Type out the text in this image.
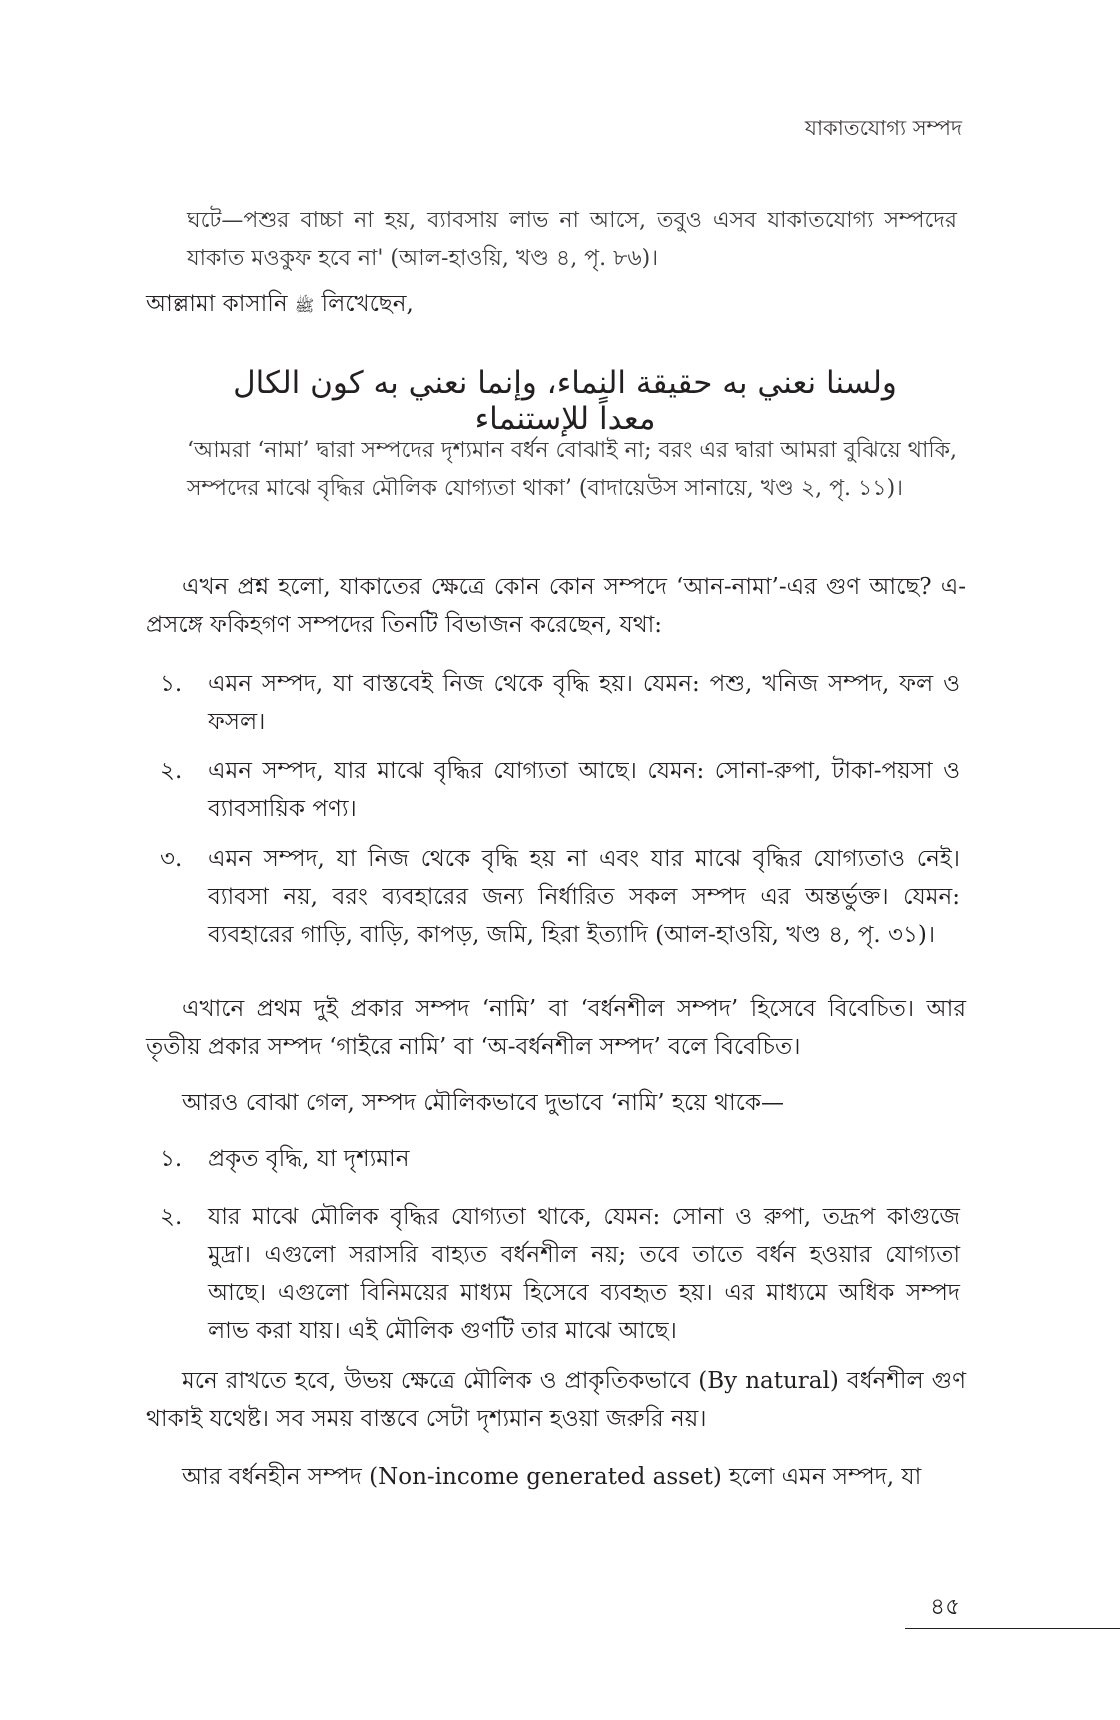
যাকাতযোগ্য সম্পদ

ঘটে—পশুর বাচ্চা না হয়, ব্যাবসায় লাভ না আসে, তবুও এসব যাকাতযোগ্য সম্পদের যাকাত মওকুফ হবে না' (আল-হাওয়ি, খণ্ড ৪, পৃ. ৮৬)।

আল্লামা কাসানি ﷺ লিখেছেন,

ولسنا نعني به حقيقة النماء، وإنما نعني به كون الكال معداً للإستنماء

‘আমরা ‘নামা’ দ্বারা সম্পদের দৃশ্যমান বর্ধন বোঝাই না; বরং এর দ্বারা আমরা বুঝিয়ে থাকি, সম্পদের মাঝে বৃদ্ধির মৌলিক যোগ্যতা থাকা’ (বাদায়েউস সানায়ে, খণ্ড ২, পৃ. ১১)।

এখন প্রশ্ন হলো, যাকাতের ক্ষেত্রে কোন কোন সম্পদে ‘আন-নামা’-এর গুণ আছে? এ-প্রসঙ্গে ফকিহগণ সম্পদের তিনটি বিভাজন করেছেন, যথা:

১.	এমন সম্পদ, যা বাস্তবেই নিজ থেকে বৃদ্ধি হয়। যেমন: পশু, খনিজ সম্পদ, ফল ও ফসল।
২.	এমন সম্পদ, যার মাঝে বৃদ্ধির যোগ্যতা আছে। যেমন: সোনা-রুপা, টাকা-পয়সা ও ব্যাবসায়িক পণ্য।
৩.	এমন সম্পদ, যা নিজ থেকে বৃদ্ধি হয় না এবং যার মাঝে বৃদ্ধির যোগ্যতাও নেই। ব্যাবসা নয়, বরং ব্যবহারের জন্য নির্ধারিত সকল সম্পদ এর অন্তর্ভুক্ত। যেমন: ব্যবহারের গাড়ি, বাড়ি, কাপড়, জমি, হিরা ইত্যাদি (আল-হাওয়ি, খণ্ড ৪, পৃ. ৩১)।

এখানে প্রথম দুই প্রকার সম্পদ ‘নামি’ বা ‘বর্ধনশীল সম্পদ’ হিসেবে বিবেচিত। আর তৃতীয় প্রকার সম্পদ ‘গাইরে নামি’ বা ‘অ-বর্ধনশীল সম্পদ’ বলে বিবেচিত।

আরও বোঝা গেল, সম্পদ মৌলিকভাবে দুভাবে ‘নামি’ হয়ে থাকে—

১.	প্রকৃত বৃদ্ধি, যা দৃশ্যমান
২.	যার মাঝে মৌলিক বৃদ্ধির যোগ্যতা থাকে, যেমন: সোনা ও রুপা, তদ্রূপ কাগুজে মুদ্রা। এগুলো সরাসরি বাহ্যত বর্ধনশীল নয়; তবে তাতে বর্ধন হওয়ার যোগ্যতা আছে। এগুলো বিনিময়ের মাধ্যম হিসেবে ব্যবহৃত হয়। এর মাধ্যমে অধিক সম্পদ লাভ করা যায়। এই মৌলিক গুণটি তার মাঝে আছে।

মনে রাখতে হবে, উভয় ক্ষেত্রে মৌলিক ও প্রাকৃতিকভাবে (By natural) বর্ধনশীল গুণ থাকাই যথেষ্ট। সব সময় বাস্তবে সেটা দৃশ্যমান হওয়া জরুরি নয়।

আর বর্ধনহীন সম্পদ (Non-income generated asset) হলো এমন সম্পদ, যা

৪৫
